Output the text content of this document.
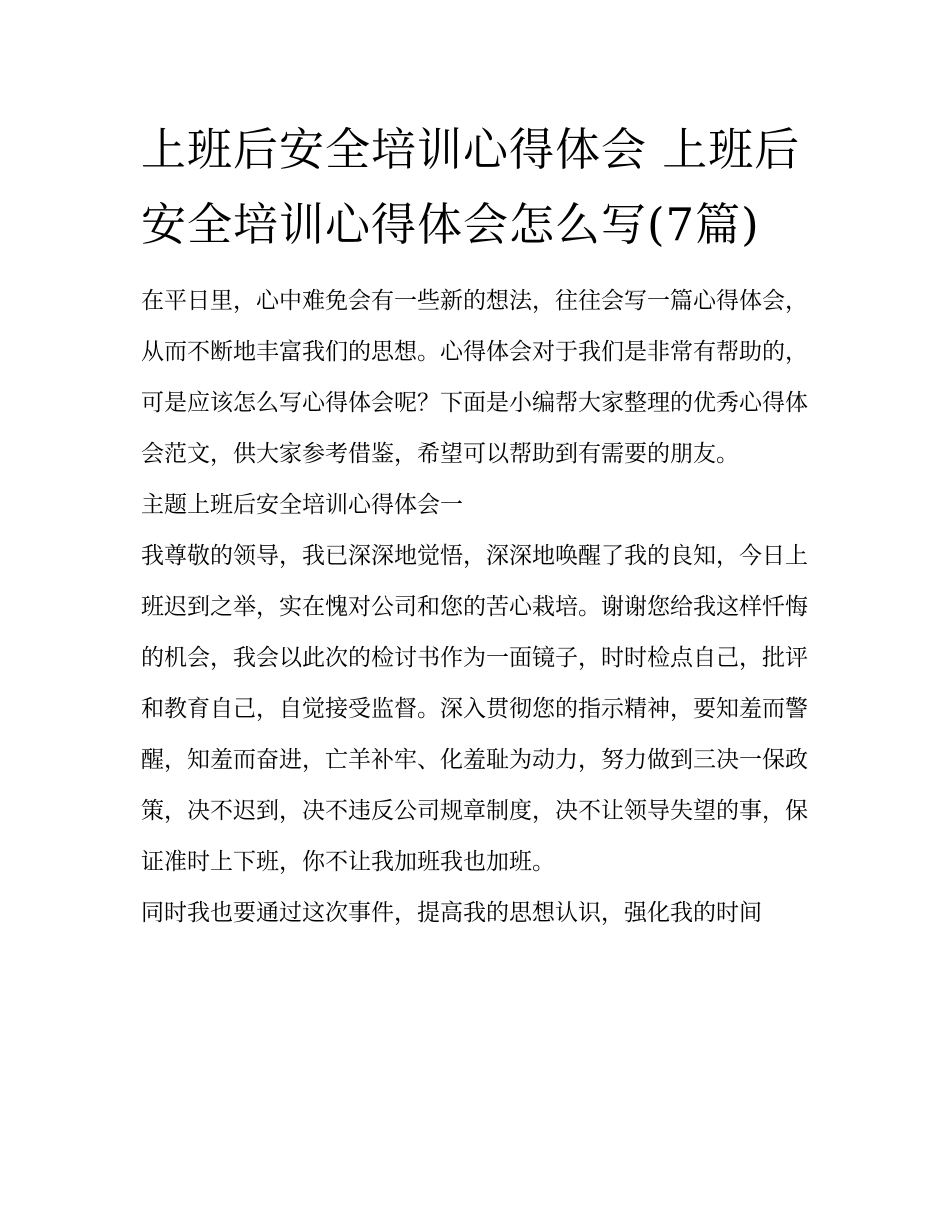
上班后安全培训心得体会 上班后安全培训心得体会怎么写(7篇)

在平日里，心中难免会有一些新的想法，往往会写一篇心得体会，从而不断地丰富我们的思想。心得体会对于我们是非常有帮助的，可是应该怎么写心得体会呢？下面是小编帮大家整理的优秀心得体会范文，供大家参考借鉴，希望可以帮助到有需要的朋友。

主题上班后安全培训心得体会一

我尊敬的领导，我已深深地觉悟，深深地唤醒了我的良知，今日上班迟到之举，实在愧对公司和您的苦心栽培。谢谢您给我这样忏悔的机会，我会以此次的检讨书作为一面镜子，时时检点自己，批评和教育自己，自觉接受监督。深入贯彻您的指示精神，要知羞而警醒，知羞而奋进，亡羊补牢、化羞耻为动力，努力做到三决一保政策，决不迟到，决不违反公司规章制度，决不让领导失望的事，保证准时上下班，你不让我加班我也加班。

同时我也要通过这次事件，提高我的思想认识，强化我的时间
